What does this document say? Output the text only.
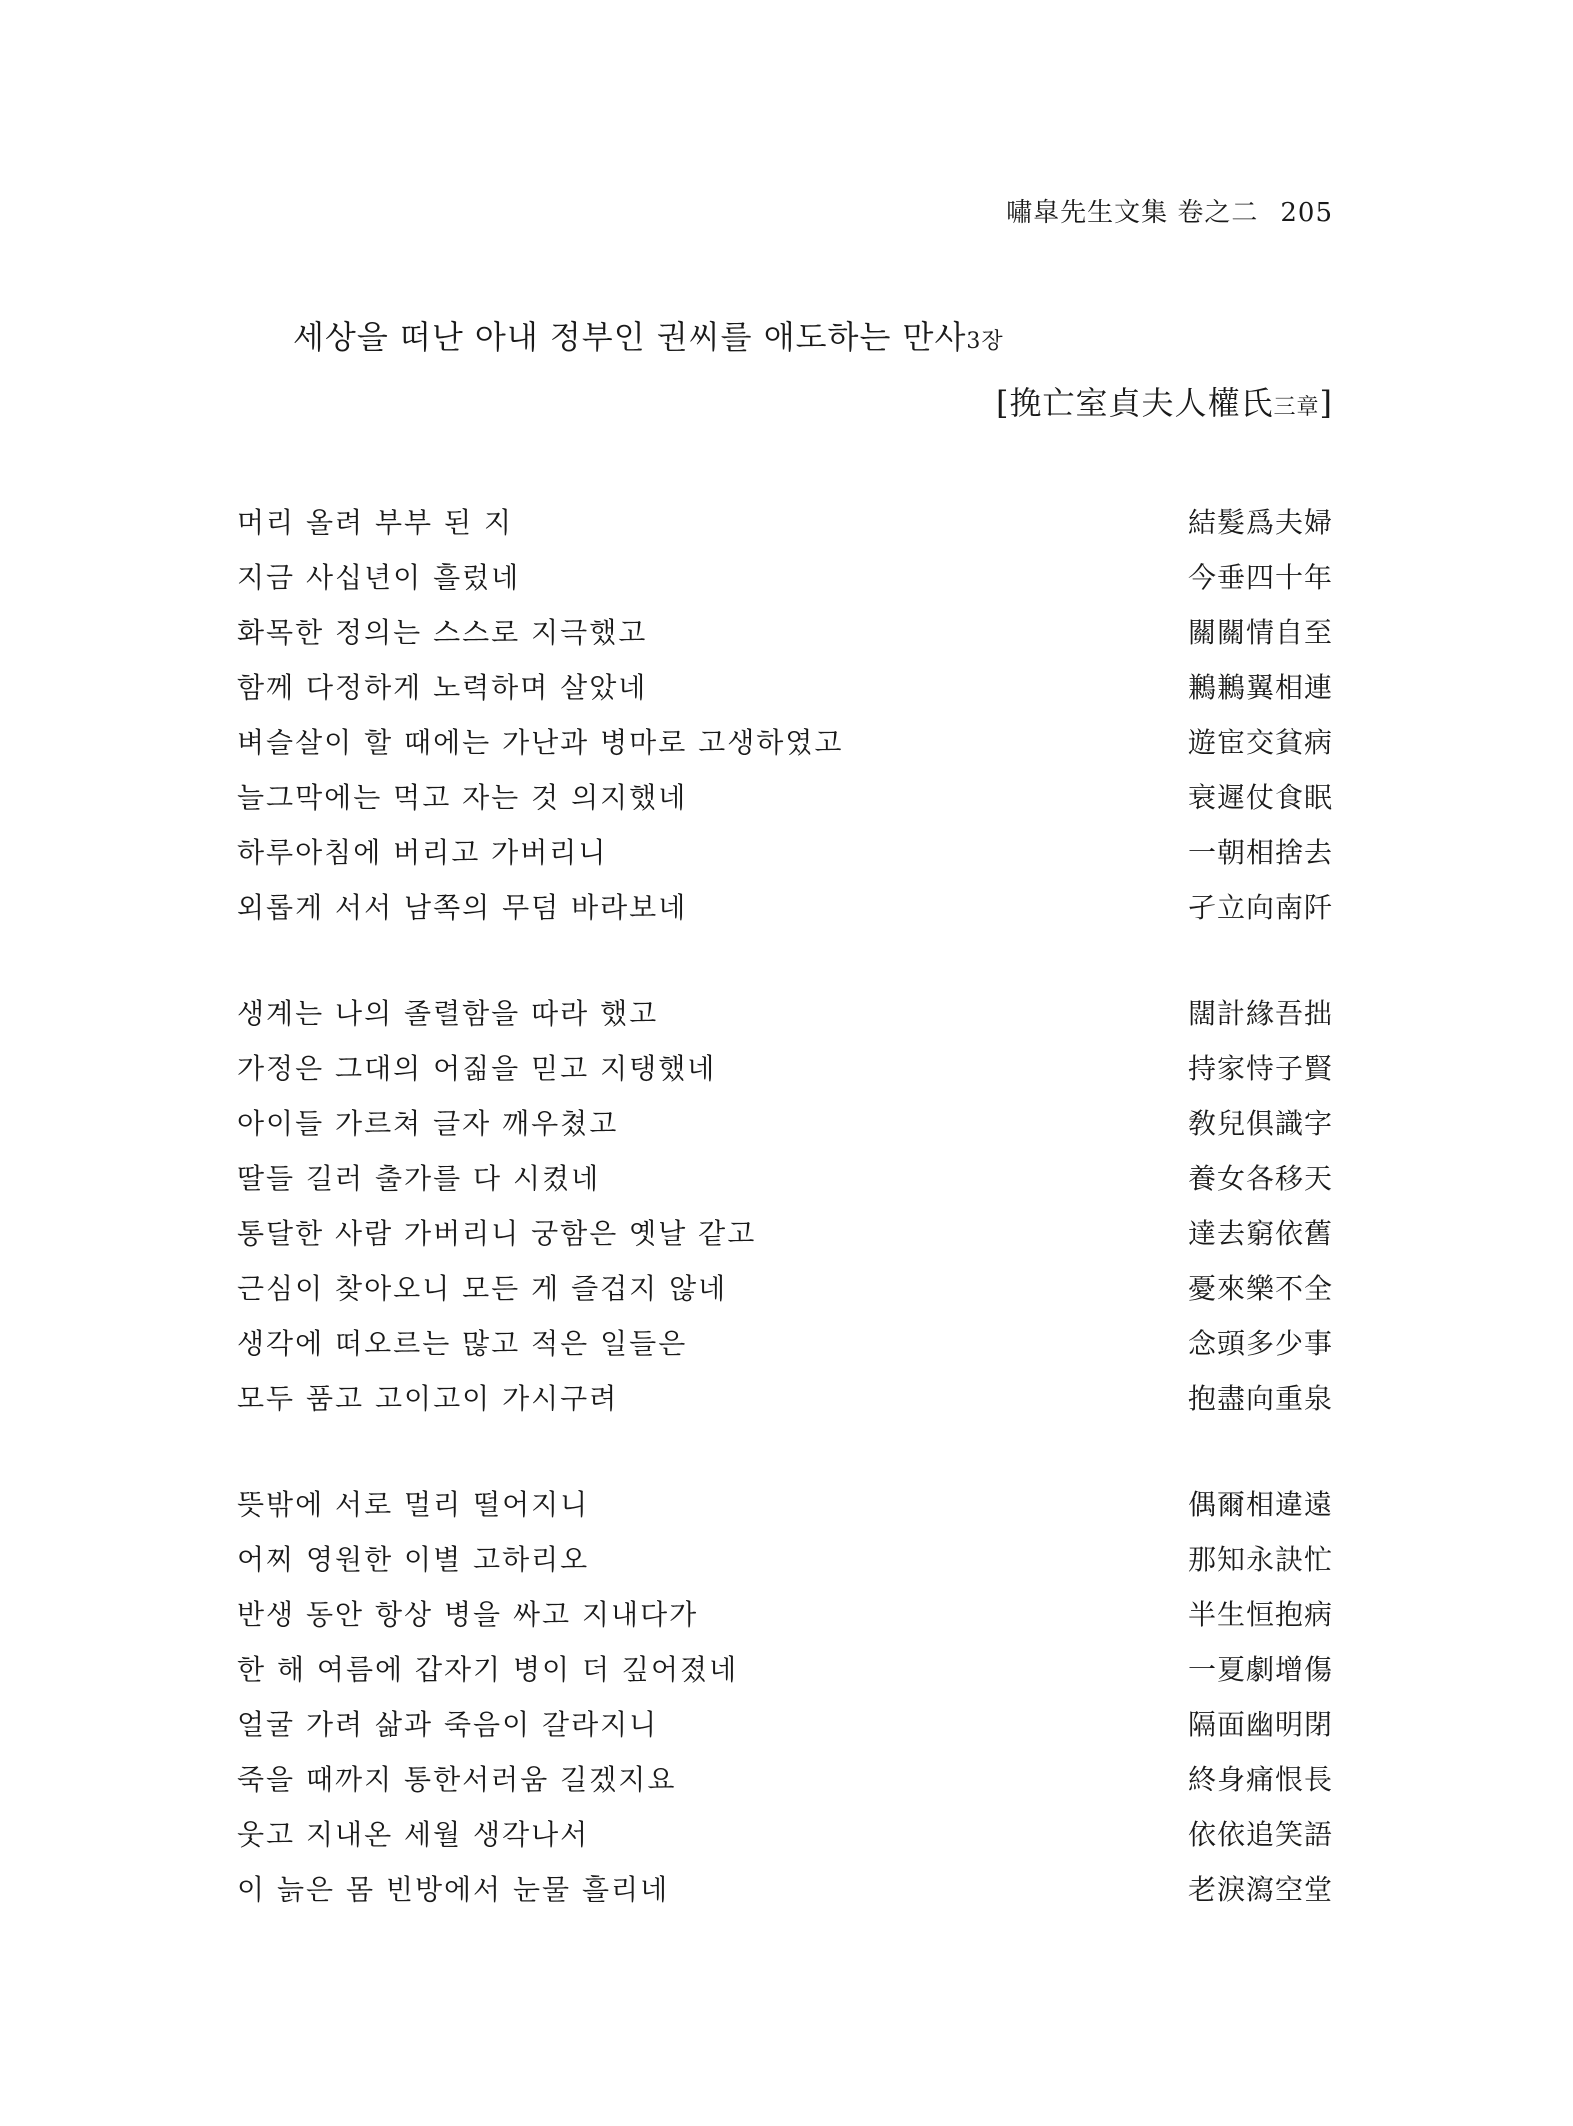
嘯皐先生文集 卷之二 205
세상을 떠난 아내 정부인 권씨를 애도하는 만사3장
[挽亡室貞夫人權氏三章]
머리 올려 부부 된 지	結髮爲夫婦
지금 사십년이 흘렀네	今垂四十年
화목한 정의는 스스로 지극했고	關關情自至
함께 다정하게 노력하며 살았네	鶼鶼翼相連
벼슬살이 할 때에는 가난과 병마로 고생하였고	遊宦交貧病
늘그막에는 먹고 자는 것 의지했네	衰遲仗食眠
하루아침에 버리고 가버리니	一朝相捨去
외롭게 서서 남쪽의 무덤 바라보네	孑立向南阡
생계는 나의 졸렬함을 따라 했고	闊計緣吾拙
가정은 그대의 어짊을 믿고 지탱했네	持家恃子賢
아이들 가르쳐 글자 깨우쳤고	敎兒俱識字
딸들 길러 출가를 다 시켰네	養女各移天
통달한 사람 가버리니 궁함은 옛날 같고	達去窮依舊
근심이 찾아오니 모든 게 즐겁지 않네	憂來樂不全
생각에 떠오르는 많고 적은 일들은	念頭多少事
모두 품고 고이고이 가시구려	抱盡向重泉
뜻밖에 서로 멀리 떨어지니	偶爾相違遠
어찌 영원한 이별 고하리오	那知永訣忙
반생 동안 항상 병을 싸고 지내다가	半生恒抱病
한 해 여름에 갑자기 병이 더 깊어졌네	一夏劇增傷
얼굴 가려 삶과 죽음이 갈라지니	隔面幽明閉
죽을 때까지 통한서러움 길겠지요	終身痛恨長
웃고 지내온 세월 생각나서	依依追笑語
이 늙은 몸 빈방에서 눈물 흘리네	老淚瀉空堂
